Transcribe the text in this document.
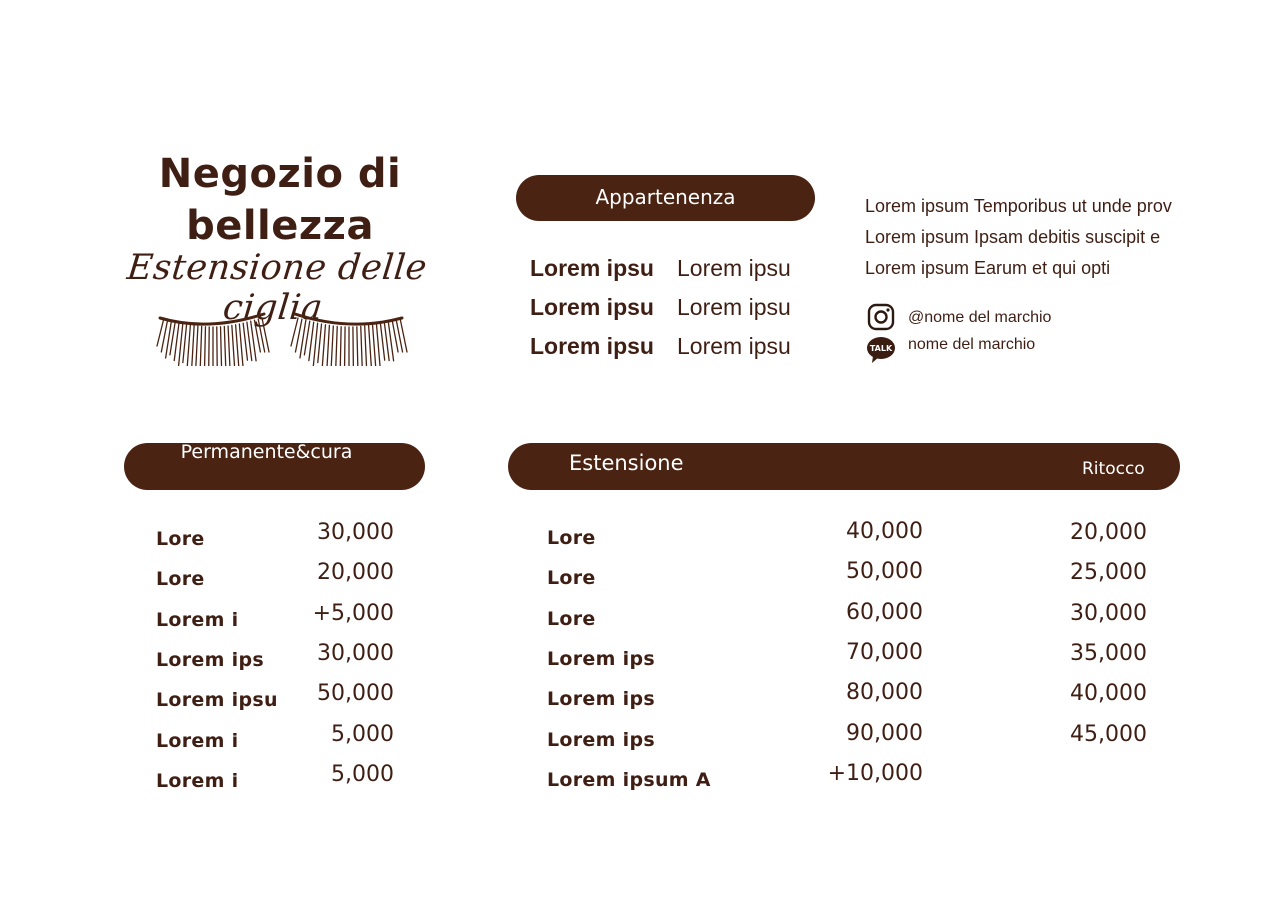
Negozio di
bellezza
Estensione delle ciglia
Appartenenza
Lorem ipsu Lorem ipsu
Lorem ipsu Lorem ipsu
Lorem ipsu Lorem ipsu
Lorem ipsum Temporibus ut unde prov
Lorem ipsum Ipsam debitis suscipit e
Lorem ipsum Earum et qui opti
@nome del marchio
TALK nome del marchio
Permanente&cura
Lore	30,000
Lore	20,000
Lorem i	+5,000
Lorem ips 30,000
Lorem ipsu 50,000
Lorem i	5,000
Lorem i	5,000
Estensione	Ritocco
Lore	40,000	20,000
Lore	50,000	25,000
Lore	60,000	30,000
Lorem ips	70,000	35,000
Lorem ips	80,000	40,000
Lorem ips	90,000	45,000
Lorem ipsum A	+10,000
